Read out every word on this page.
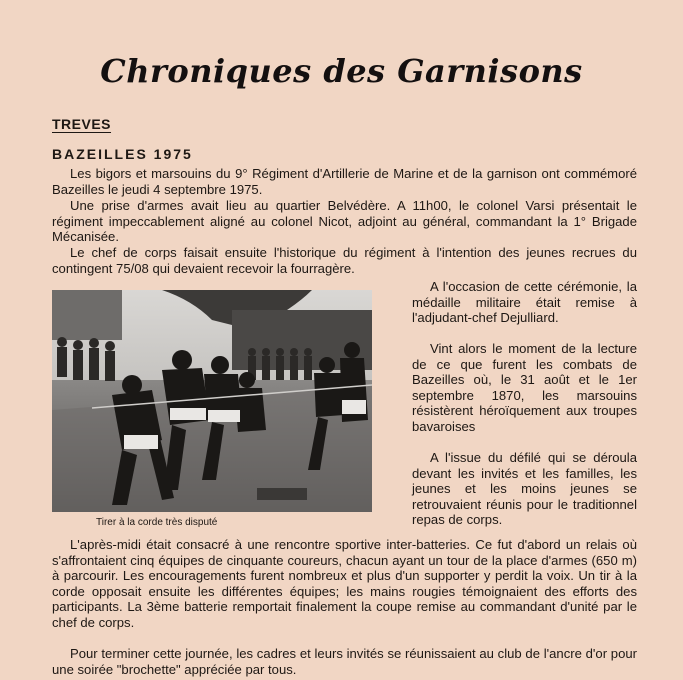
Chroniques des Garnisons
TREVES
BAZEILLES 1975

Les bigors et marsouins du 9° Régiment d'Artillerie de Marine et de la garnison ont commémoré Bazeilles le jeudi 4 septembre 1975.

Une prise d'armes avait lieu au quartier Belvédère. A 11h00, le colonel Varsi présentait le régiment impeccablement aligné au colonel Nicot, adjoint au général, commandant la 1° Brigade Mécanisée.

Le chef de corps faisait ensuite l'historique du régiment à l'intention des jeunes recrues du contingent 75/08 qui devaient recevoir la fourragère.

Tirer à la corde très disputé

A l'occasion de cette cérémonie, la médaille militaire était remise à l'adjudant-chef Dejulliard.

Vint alors le moment de la lecture de ce que furent les combats de Bazeilles où, le 31 août et le 1er septembre 1870, les marsouins résistèrent héroïquement aux troupes bavaroises

A l'issue du défilé qui se déroula devant les invités et les familles, les jeunes et les moins jeunes se retrouvaient réunis pour le traditionnel repas de corps.

L'après-midi était consacré à une rencontre sportive inter-batteries. Ce fut d'abord un relais où s'affrontaient cinq équipes de cinquante coureurs, chacun ayant un tour de la place d'armes (650 m) à parcourir. Les encouragements furent nombreux et plus d'un supporter y perdit la voix. Un tir à la corde opposait ensuite les différentes équipes; les mains rougies témoignaient des efforts des participants. La 3ème batterie remportait finalement la coupe remise au commandant d'unité par le chef de corps.

Pour terminer cette journée, les cadres et leurs invités se réunissaient au club de l'ancre d'or pour une soirée "brochette" appréciée par tous.
